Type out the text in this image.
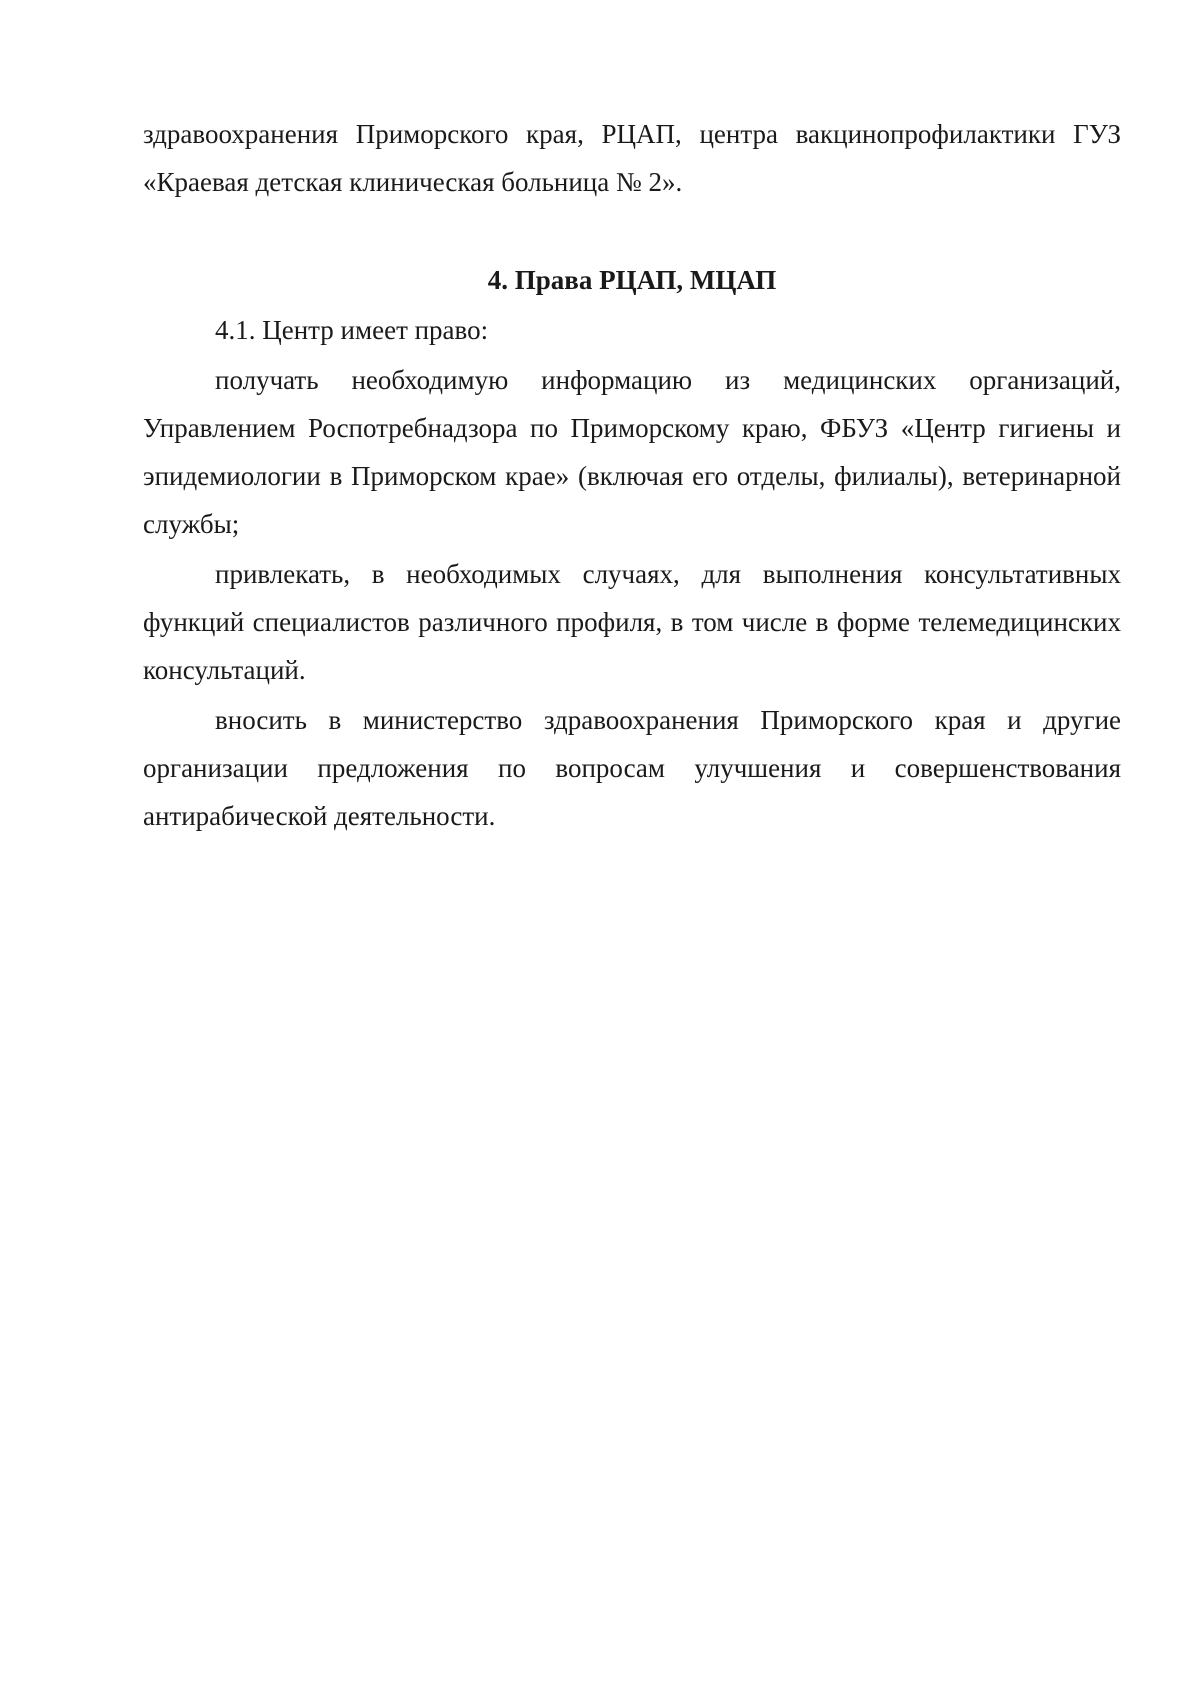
здравоохранения Приморского края, РЦАП, центра вакцинопрофилактики ГУЗ «Краевая детская клиническая больница № 2».

4. Права РЦАП, МЦАП

4.1. Центр имеет право:

получать необходимую информацию из медицинских организаций, Управлением Роспотребнадзора по Приморскому краю, ФБУЗ «Центр гигиены и эпидемиологии в Приморском крае» (включая его отделы, филиалы), ветеринарной службы;

привлекать, в необходимых случаях, для выполнения консультативных функций специалистов различного профиля, в том числе в форме телемедицинских консультаций.

вносить в министерство здравоохранения Приморского края и другие организации предложения по вопросам улучшения и совершенствования антирабической деятельности.
